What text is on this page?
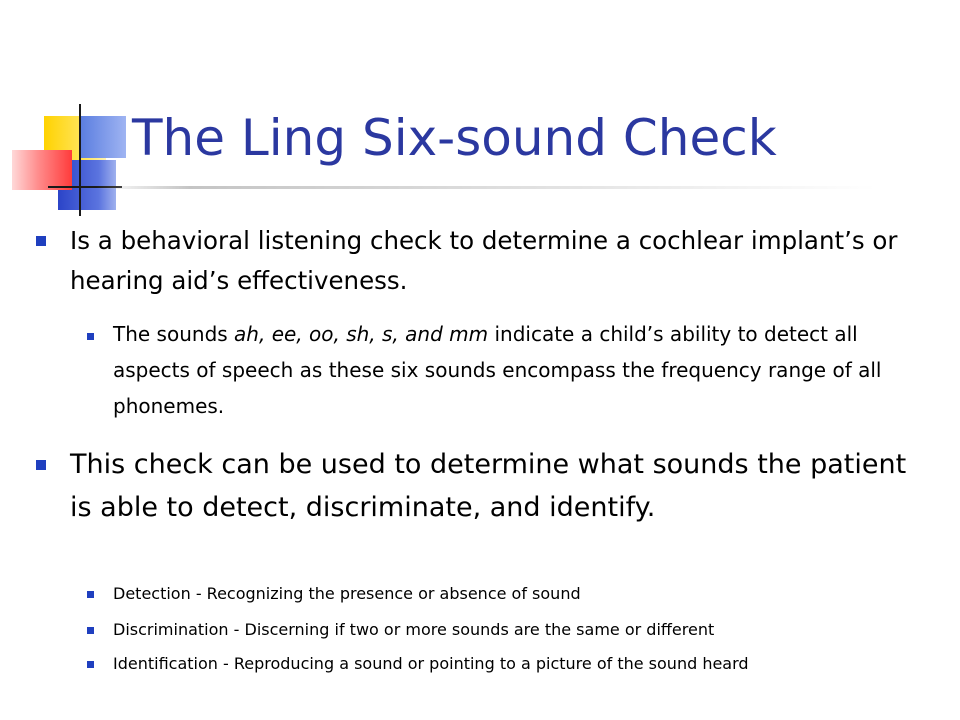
The Ling Six-sound Check

Is a behavioral listening check to determine a cochlear implant’s or hearing aid’s effectiveness.

The sounds ah, ee, oo, sh, s, and mm indicate a child’s ability to detect all aspects of speech as these six sounds encompass the frequency range of all phonemes.

This check can be used to determine what sounds the patient is able to detect, discriminate, and identify.

Detection - Recognizing the presence or absence of sound

Discrimination - Discerning if two or more sounds are the same or different

Identification - Reproducing a sound or pointing to a picture of the sound heard
